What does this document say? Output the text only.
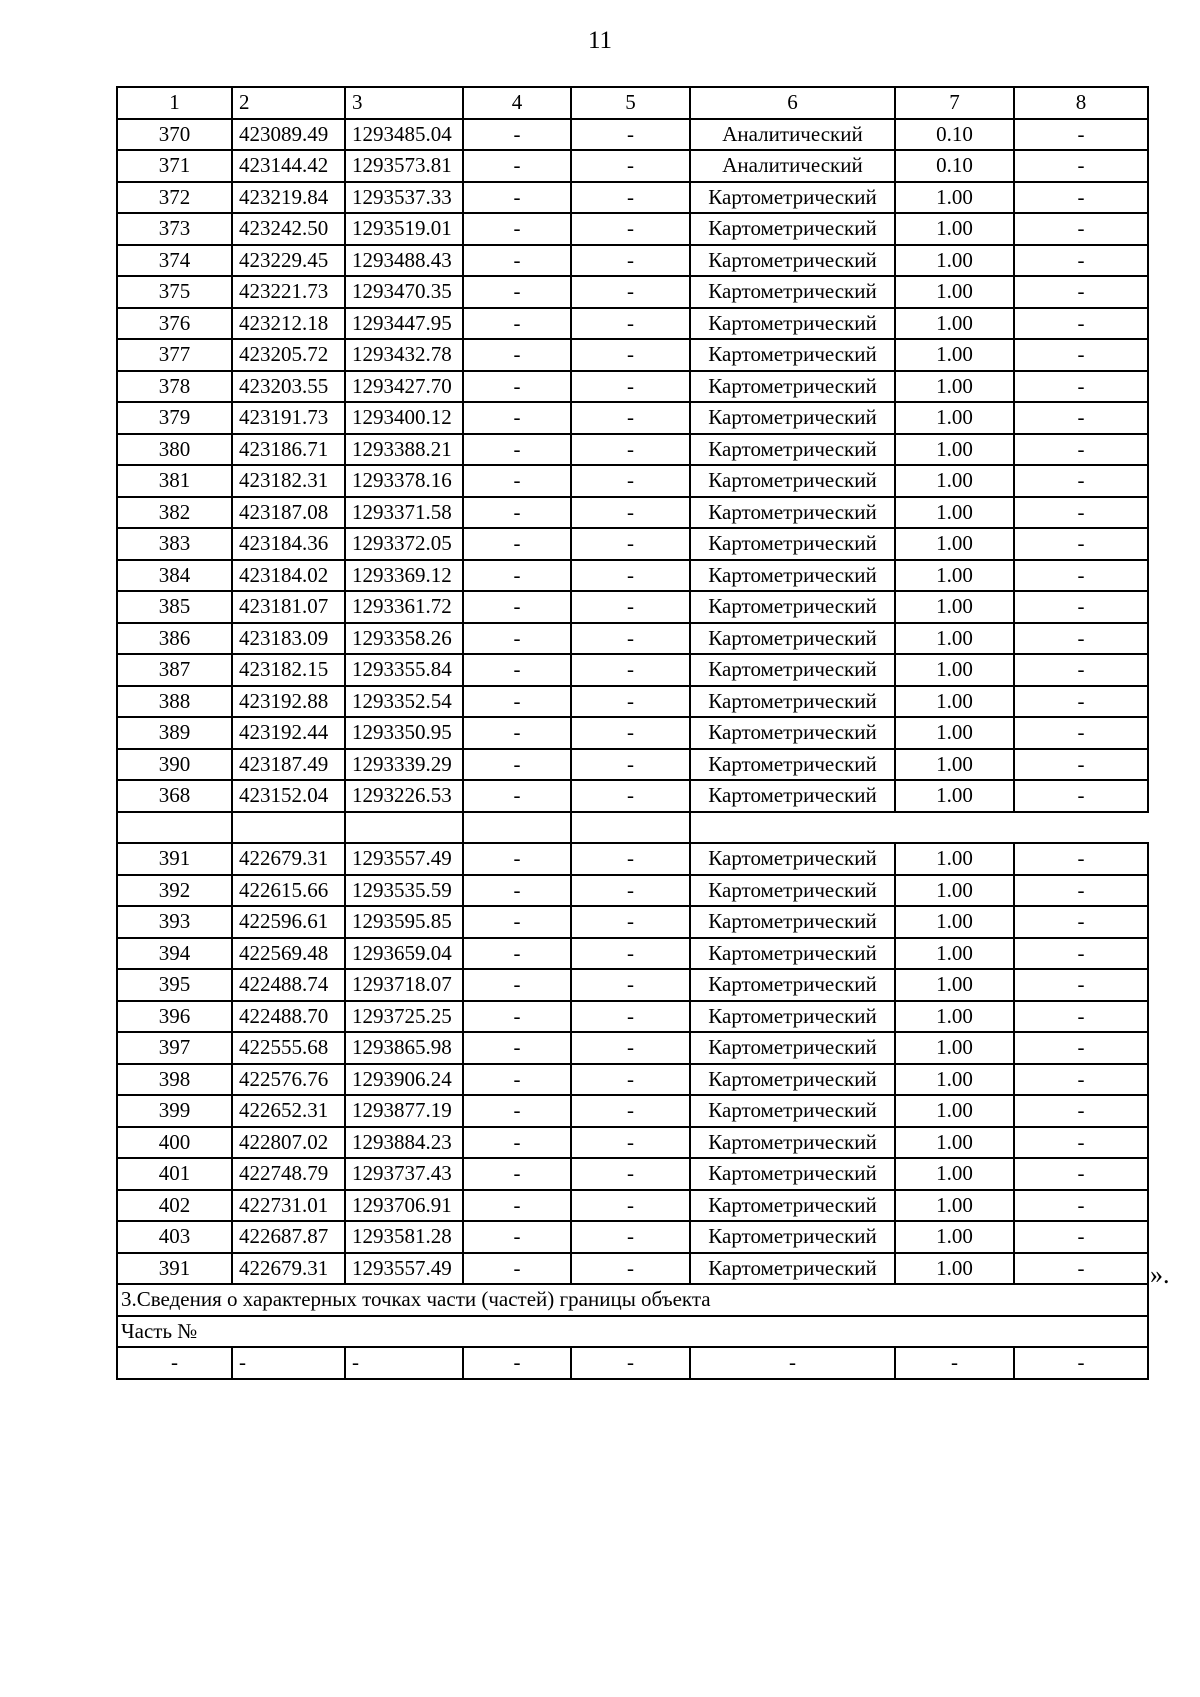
11
1	2	3	4	5	6	7	8
370	423089.49	1293485.04	-	-	Аналитический	0.10	-
371	423144.42	1293573.81	-	-	Аналитический	0.10	-
372	423219.84	1293537.33	-	-	Картометрический	1.00	-
373	423242.50	1293519.01	-	-	Картометрический	1.00	-
374	423229.45	1293488.43	-	-	Картометрический	1.00	-
375	423221.73	1293470.35	-	-	Картометрический	1.00	-
376	423212.18	1293447.95	-	-	Картометрический	1.00	-
377	423205.72	1293432.78	-	-	Картометрический	1.00	-
378	423203.55	1293427.70	-	-	Картометрический	1.00	-
379	423191.73	1293400.12	-	-	Картометрический	1.00	-
380	423186.71	1293388.21	-	-	Картометрический	1.00	-
381	423182.31	1293378.16	-	-	Картометрический	1.00	-
382	423187.08	1293371.58	-	-	Картометрический	1.00	-
383	423184.36	1293372.05	-	-	Картометрический	1.00	-
384	423184.02	1293369.12	-	-	Картометрический	1.00	-
385	423181.07	1293361.72	-	-	Картометрический	1.00	-
386	423183.09	1293358.26	-	-	Картометрический	1.00	-
387	423182.15	1293355.84	-	-	Картометрический	1.00	-
388	423192.88	1293352.54	-	-	Картометрический	1.00	-
389	423192.44	1293350.95	-	-	Картометрический	1.00	-
390	423187.49	1293339.29	-	-	Картометрический	1.00	-
368	423152.04	1293226.53	-	-	Картометрический	1.00	-

391	422679.31	1293557.49	-	-	Картометрический	1.00	-
392	422615.66	1293535.59	-	-	Картометрический	1.00	-
393	422596.61	1293595.85	-	-	Картометрический	1.00	-
394	422569.48	1293659.04	-	-	Картометрический	1.00	-
395	422488.74	1293718.07	-	-	Картометрический	1.00	-
396	422488.70	1293725.25	-	-	Картометрический	1.00	-
397	422555.68	1293865.98	-	-	Картометрический	1.00	-
398	422576.76	1293906.24	-	-	Картометрический	1.00	-
399	422652.31	1293877.19	-	-	Картометрический	1.00	-
400	422807.02	1293884.23	-	-	Картометрический	1.00	-
401	422748.79	1293737.43	-	-	Картометрический	1.00	-
402	422731.01	1293706.91	-	-	Картометрический	1.00	-
403	422687.87	1293581.28	-	-	Картометрический	1.00	-
391	422679.31	1293557.49	-	-	Картометрический	1.00	-
3.Сведения о характерных точках части (частей) границы объекта							
Часть №							
-	-	-	-	-	-	-	-
».
